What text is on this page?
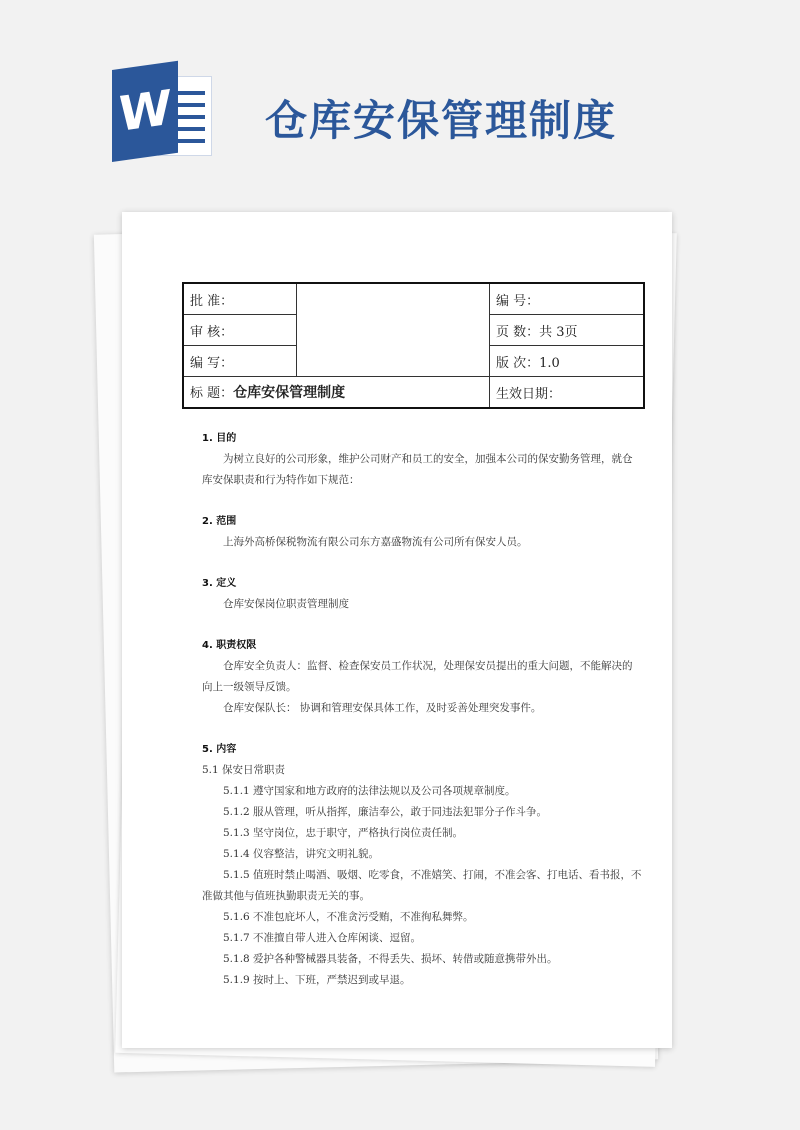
W 仓库安保管理制度
批 准：		编 号：
审 核：		页 数：共 3页
编 写：		版 次：1.0
标 题：仓库安保管理制度		生效日期：
1. 目的
为树立良好的公司形象，维护公司财产和员工的安全，加强本公司的保安勤务管理，就仓库安保职责和行为特作如下规范：
2. 范围
上海外高桥保税物流有限公司东方嘉盛物流有公司所有保安人员。
3. 定义
仓库安保岗位职责管理制度
4. 职责权限
仓库安全负责人：监督、检查保安员工作状况，处理保安员提出的重大问题，不能解决的向上一级领导反馈。
仓库安保队长： 协调和管理安保具体工作，及时妥善处理突发事件。
5. 内容
5.1 保安日常职责
5.1.1 遵守国家和地方政府的法律法规以及公司各项规章制度。
5.1.2 服从管理，听从指挥，廉洁奉公，敢于同违法犯罪分子作斗争。
5.1.3 坚守岗位，忠于职守，严格执行岗位责任制。
5.1.4 仪容整洁，讲究文明礼貌。
5.1.5 值班时禁止喝酒、吸烟、吃零食，不准嬉笑、打闹，不准会客、打电话、看书报，不准做其他与值班执勤职责无关的事。
5.1.6 不准包庇坏人，不准贪污受贿，不准徇私舞弊。
5.1.7 不准擅自带人进入仓库闲谈、逗留。
5.1.8 爱护各种警械器具装备，不得丢失、损坏、转借或随意携带外出。
5.1.9 按时上、下班，严禁迟到或早退。
